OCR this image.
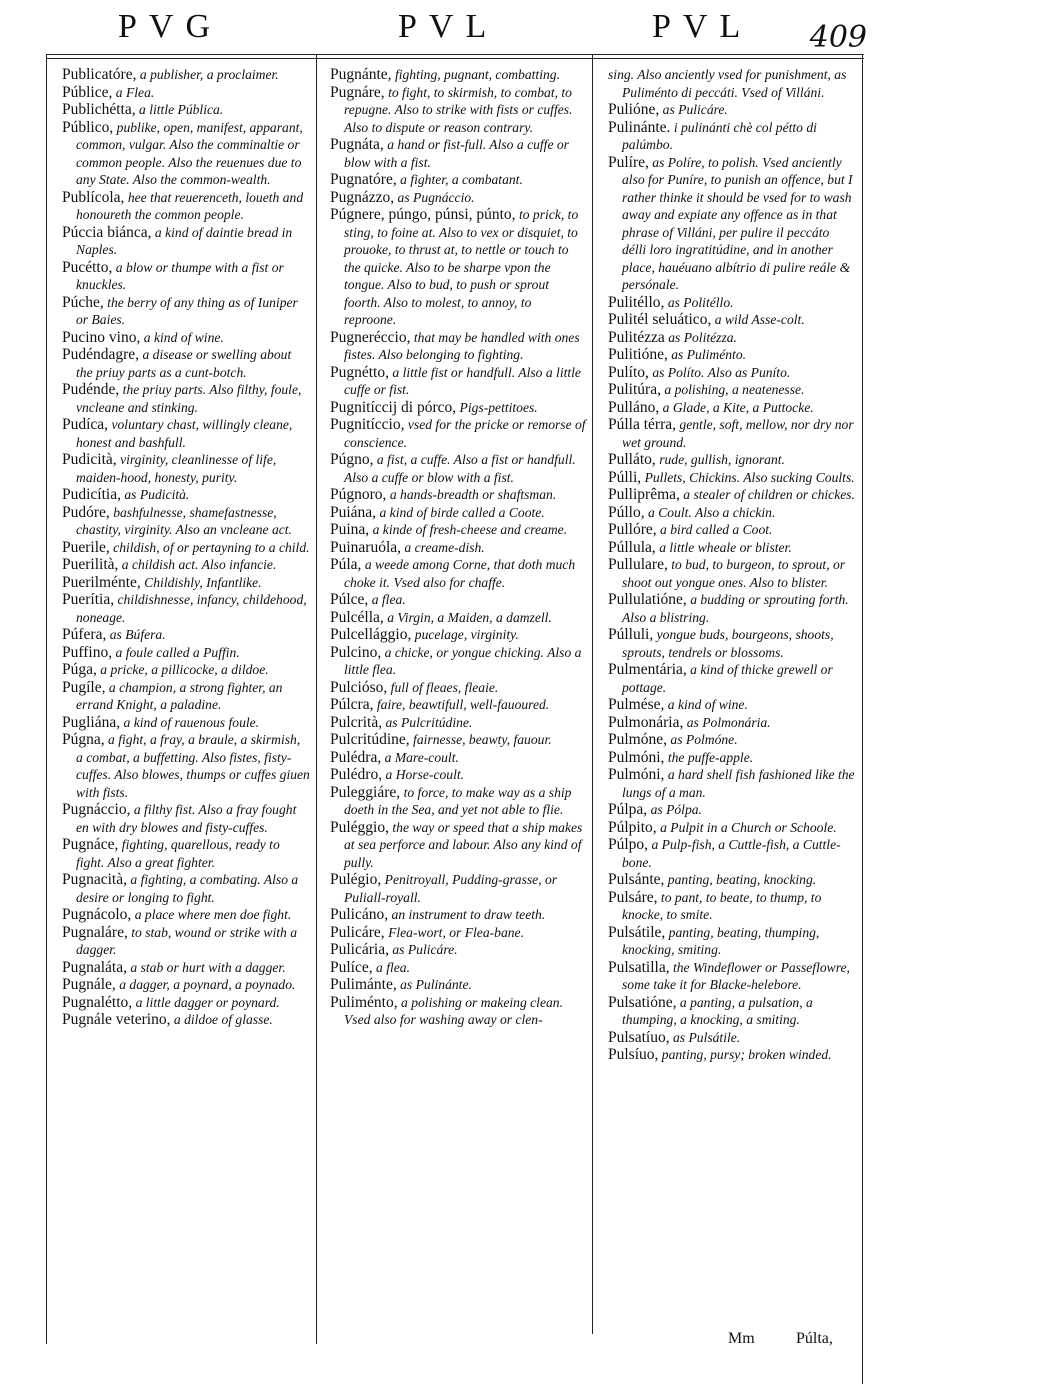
PVG	PVL	PVL 409
Publicatóre, a publisher, a proclaimer.
Públice, a Flea.
Publichétta, a little Pública.
Público, publike, open, manifest, apparant, common, vulgar. Also the comminaltie or common people. Also the reuenues due to any State. Also the common-wealth.
Publícola, hee that reuerenceth, loueth and honoureth the common people.
Púccia biánca, a kind of daintie bread in Naples.
Pucétto, a blow or thumpe with a fist or knuckles.
Púche, the berry of any thing as of Iuniper or Baies.
Pucino vino, a kind of wine.
Pudéndagre, a disease or swelling about the priuy parts as a cunt-botch.
Pudénde, the priuy parts. Also filthy, foule, vncleane and stinking.
Pudíca, voluntary chast, willingly cleane, honest and bashfull.
Pudicità, virginity, cleanlinesse of life, maiden-hood, honesty, purity.
Pudicítia, as Pudicità.
Pudóre, bashfulnesse, shamefastnesse, chastity, virginity. Also an vncleane act.
Puerile, childish, of or pertayning to a child.
Puerilità, a childish act. Also infancie.
Puerilménte, Childishly, Infantlike.
Puerítia, childishnesse, infancy, childehood, noneage.
Púfera, as Búfera.
Puffino, a foule called a Puffin.
Púga, a pricke, a pillicocke, a dildoe.
Pugíle, a champion, a strong fighter, an errand Knight, a paladine.
Pugliána, a kind of rauenous foule.
Púgna, a fight, a fray, a braule, a skirmish, a combat, a buffetting. Also fistes, fisty-cuffes. Also blowes, thumps or cuffes giuen with fists.
Pugnáccio, a filthy fist. Also a fray fought en with dry blowes and fisty-cuffes.
Pugnáce, fighting, quarellous, ready to fight. Also a great fighter.
Pugnacità, a fighting, a combating. Also a desire or longing to fight.
Pugnácolo, a place where men doe fight.
Pugnaláre, to stab, wound or strike with a dagger.
Pugnaláta, a stab or hurt with a dagger.
Pugnále, a dagger, a poynard, a poynado.
Pugnalétto, a little dagger or poynard.
Pugnále veterino, a dildoe of glasse.
Pugnánte, fighting, pugnant, combatting.
Pugnáre, to fight, to skirmish, to combat, to repugne. Also to strike with fists or cuffes. Also to dispute or reason contrary.
Pugnáta, a hand or fist-full. Also a cuffe or blow with a fist.
Pugnatóre, a fighter, a combatant.
Pugnázzo, as Pugnáccio.
Púgnere, púngo, púnsi, púnto, to prick, to sting, to foine at. Also to vex or disquiet, to prouoke, to thrust at, to nettle or touch to the quicke. Also to be sharpe vpon the tongue. Also to bud, to push or sprout foorth. Also to molest, to annoy, to reproone.
Pugneréccio, that may be handled with ones fistes. Also belonging to fighting.
Pugnétto, a little fist or handfull. Also a little cuffe or fist.
Pugnitíccij di pórco, Pigs-pettitoes.
Pugnitíccio, vsed for the pricke or remorse of conscience.
Púgno, a fist, a cuffe. Also a fist or handfull. Also a cuffe or blow with a fist.
Púgnoro, a hands-breadth or shaftsman.
Puiána, a kind of birde called a Coote.
Puina, a kinde of fresh-cheese and creame.
Puinaruóla, a creame-dish.
Púla, a weede among Corne, that doth much choke it. Vsed also for chaffe.
Púlce, a flea.
Pulcélla, a Virgin, a Maiden, a damzell.
Pulcellággio, pucelage, virginity.
Pulcino, a chicke, or yongue chicking. Also a little flea.
Pulcióso, full of fleaes, fleaie.
Púlcra, faire, beawtifull, well-fauoured.
Pulcrità, as Pulcritúdine.
Pulcritúdine, fairnesse, beawty, fauour.
Pulédra, a Mare-coult.
Pulédro, a Horse-coult.
Puleggiáre, to force, to make way as a ship doeth in the Sea, and yet not able to flie.
Puléggio, the way or speed that a ship makes at sea perforce and labour. Also any kind of pully.
Pulégio, Penitroyall, Pudding-grasse, or Puliall-royall.
Pulicáno, an instrument to draw teeth.
Pulicáre, Flea-wort, or Flea-bane.
Pulicária, as Pulicáre.
Pulíce, a flea.
Pulimánte, as Pulinánte.
Puliménto, a polishing or makeing clean. Vsed also for washing away or clen-
sing. Also anciently vsed for punishment, as Puliménto di peccáti. Vsed of Villáni.
Pulióne, as Pulicáre.
Pulinánte. i pulinánti chè col pétto di palúmbo.
Pulíre, as Políre, to polish. Vsed anciently also for Puníre, to punish an offence, but I rather thinke it should be vsed for to wash away and expiate any offence as in that phrase of Villáni, per pulire il peccáto délli loro ingratitúdine, and in another place, hauéuano albítrio di pulire reále & persónale.
Pulitéllo, as Politéllo.
Pulitél seluático, a wild Asse-colt.
Pulitézza as Politézza.
Pulitióne, as Puliménto.
Pulíto, as Políto. Also as Puníto.
Pulitúra, a polishing, a neatenesse.
Pulláno, a Glade, a Kite, a Puttocke.
Púlla térra, gentle, soft, mellow, nor dry nor wet ground.
Pulláto, rude, gullish, ignorant.
Púlli, Pullets, Chickins. Also sucking Coults.
Pulliprêma, a stealer of children or chickes.
Púllo, a Coult. Also a chickin.
Pullóre, a bird called a Coot.
Púllula, a little wheale or blister.
Pullulare, to bud, to burgeon, to sprout, or shoot out yongue ones. Also to blister.
Pullulatióne, a budding or sprouting forth. Also a blistring.
Púlluli, yongue buds, bourgeons, shoots, sprouts, tendrels or blossoms.
Pulmentária, a kind of thicke grewell or pottage.
Pulmése, a kind of wine.
Pulmonária, as Polmonária.
Pulmóne, as Polmóne.
Pulmóni, the puffe-apple.
Pulmóni, a hard shell fish fashioned like the lungs of a man.
Púlpa, as Pólpa.
Púlpito, a Pulpit in a Church or Schoole.
Púlpo, a Pulp-fish, a Cuttle-fish, a Cuttle-bone.
Pulsánte, panting, beating, knocking.
Pulsáre, to pant, to beate, to thump, to knocke, to smite.
Pulsátile, panting, beating, thumping, knocking, smiting.
Pulsatilla, the Windeflower or Passeflowre, some take it for Blacke-helebore.
Pulsatióne, a panting, a pulsation, a thumping, a knocking, a smiting.
Pulsatíuo, as Pulsátile.
Pulsíuo, panting, pursy; broken winded.
Mm	Púlta,
